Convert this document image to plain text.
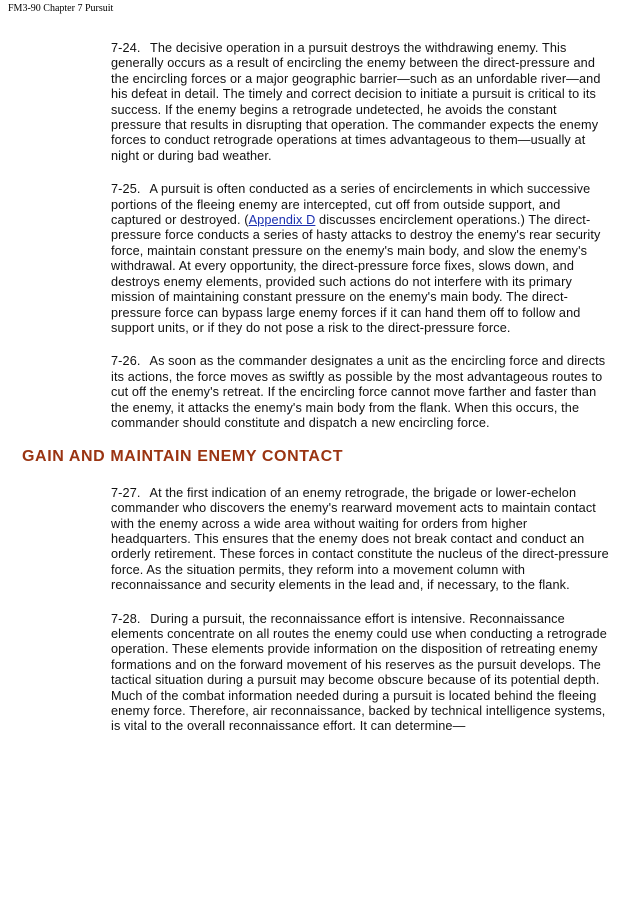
FM3-90 Chapter 7 Pursuit

7-24. The decisive operation in a pursuit destroys the withdrawing enemy. This generally occurs as a result of encircling the enemy between the direct-pressure and the encircling forces or a major geographic barrier—such as an unfordable river—and his defeat in detail. The timely and correct decision to initiate a pursuit is critical to its success. If the enemy begins a retrograde undetected, he avoids the constant pressure that results in disrupting that operation. The commander expects the enemy forces to conduct retrograde operations at times advantageous to them—usually at night or during bad weather.

7-25. A pursuit is often conducted as a series of encirclements in which successive portions of the fleeing enemy are intercepted, cut off from outside support, and captured or destroyed. (Appendix D discusses encirclement operations.) The direct-pressure force conducts a series of hasty attacks to destroy the enemy's rear security force, maintain constant pressure on the enemy's main body, and slow the enemy's withdrawal. At every opportunity, the direct-pressure force fixes, slows down, and destroys enemy elements, provided such actions do not interfere with its primary mission of maintaining constant pressure on the enemy's main body. The direct-pressure force can bypass large enemy forces if it can hand them off to follow and support units, or if they do not pose a risk to the direct-pressure force.

7-26. As soon as the commander designates a unit as the encircling force and directs its actions, the force moves as swiftly as possible by the most advantageous routes to cut off the enemy's retreat. If the encircling force cannot move farther and faster than the enemy, it attacks the enemy's main body from the flank. When this occurs, the commander should constitute and dispatch a new encircling force.

GAIN AND MAINTAIN ENEMY CONTACT

7-27. At the first indication of an enemy retrograde, the brigade or lower-echelon commander who discovers the enemy's rearward movement acts to maintain contact with the enemy across a wide area without waiting for orders from higher headquarters. This ensures that the enemy does not break contact and conduct an orderly retirement. These forces in contact constitute the nucleus of the direct-pressure force. As the situation permits, they reform into a movement column with reconnaissance and security elements in the lead and, if necessary, to the flank.

7-28. During a pursuit, the reconnaissance effort is intensive. Reconnaissance elements concentrate on all routes the enemy could use when conducting a retrograde operation. These elements provide information on the disposition of retreating enemy formations and on the forward movement of his reserves as the pursuit develops. The tactical situation during a pursuit may become obscure because of its potential depth. Much of the combat information needed during a pursuit is located behind the fleeing enemy force. Therefore, air reconnaissance, backed by technical intelligence systems, is vital to the overall reconnaissance effort. It can determine—
